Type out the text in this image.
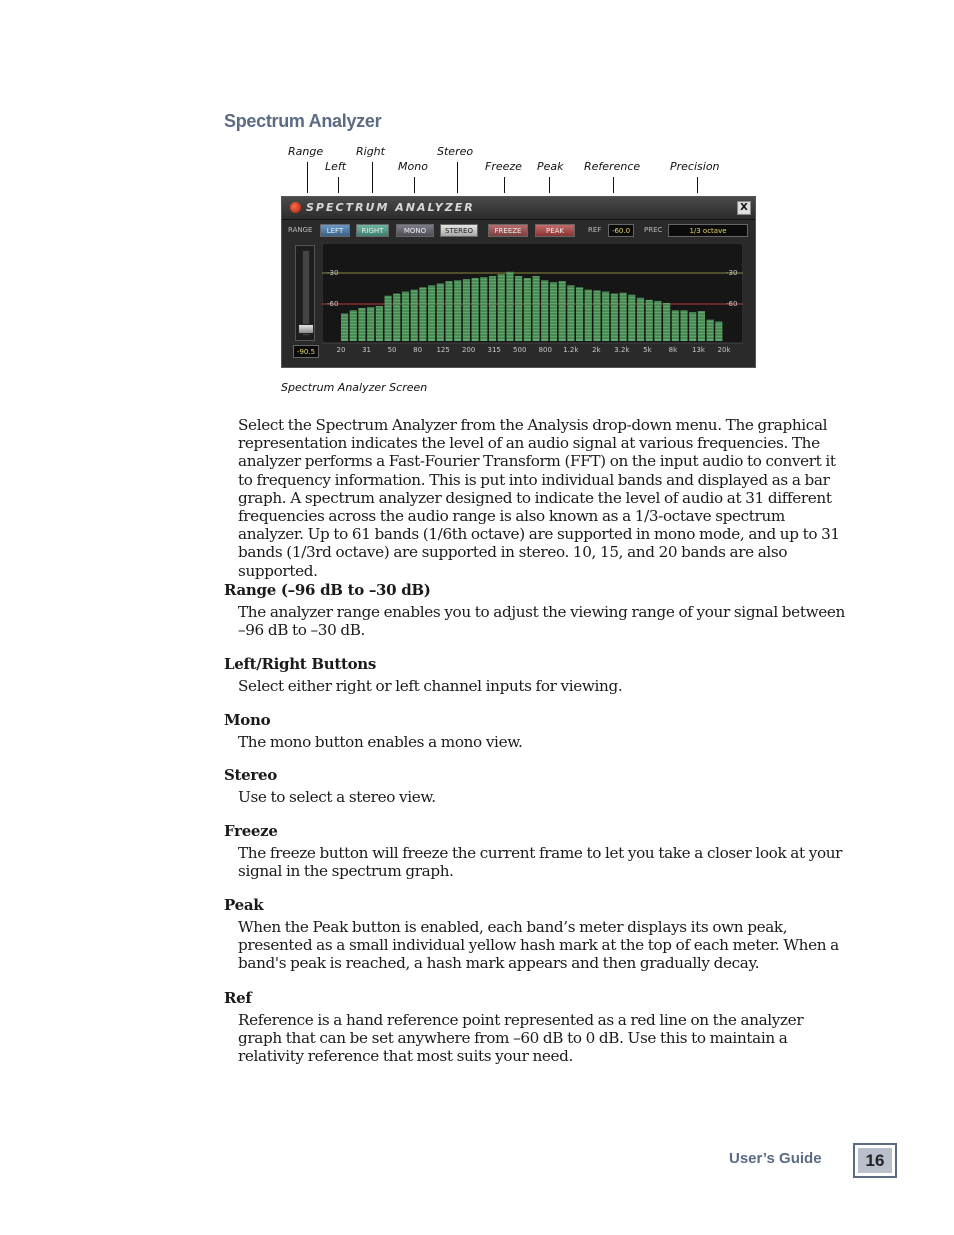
Spectrum Analyzer
Range
Left
Right
Mono
Stereo
Freeze Peak Reference	Precision
SPECTRUM ANALYZER	X
RANGE	LEFT	RIGHT	MONO	STEREO	FREEZE	PEAK	REF	-60.0	PREC	1/3 octave
-90.5
-30
-60
-30
-60
20 31 50 80 125 200 315 500 800 1.2k 2k 3.2k 5k 8k 13k 20k
Spectrum Analyzer Screen

Select the Spectrum Analyzer from the Analysis drop-down menu. The graphical representation indicates the level of an audio signal at various frequencies. The analyzer performs a Fast-Fourier Transform (FFT) on the input audio to convert it to frequency information. This is put into individual bands and displayed as a bar graph. A spectrum analyzer designed to indicate the level of audio at 31 different frequencies across the audio range is also known as a 1/3-octave spectrum analyzer. Up to 61 bands (1/6th octave) are supported in mono mode, and up to 31 bands (1/3rd octave) are supported in stereo. 10, 15, and 20 bands are also supported.

Range (–96 dB to –30 dB)

The analyzer range enables you to adjust the viewing range of your signal between –96 dB to –30 dB.

Left/Right Buttons

Select either right or left channel inputs for viewing.

Mono

The mono button enables a mono view.

Stereo

Use to select a stereo view.

Freeze

The freeze button will freeze the current frame to let you take a closer look at your signal in the spectrum graph.

Peak

When the Peak button is enabled, each band’s meter displays its own peak, presented as a small individual yellow hash mark at the top of each meter. When a band's peak is reached, a hash mark appears and then gradually decay.

Ref

Reference is a hand reference point represented as a red line on the analyzer graph that can be set anywhere from –60 dB to 0 dB. Use this to maintain a relativity reference that most suits your need.

User’s Guide	16
